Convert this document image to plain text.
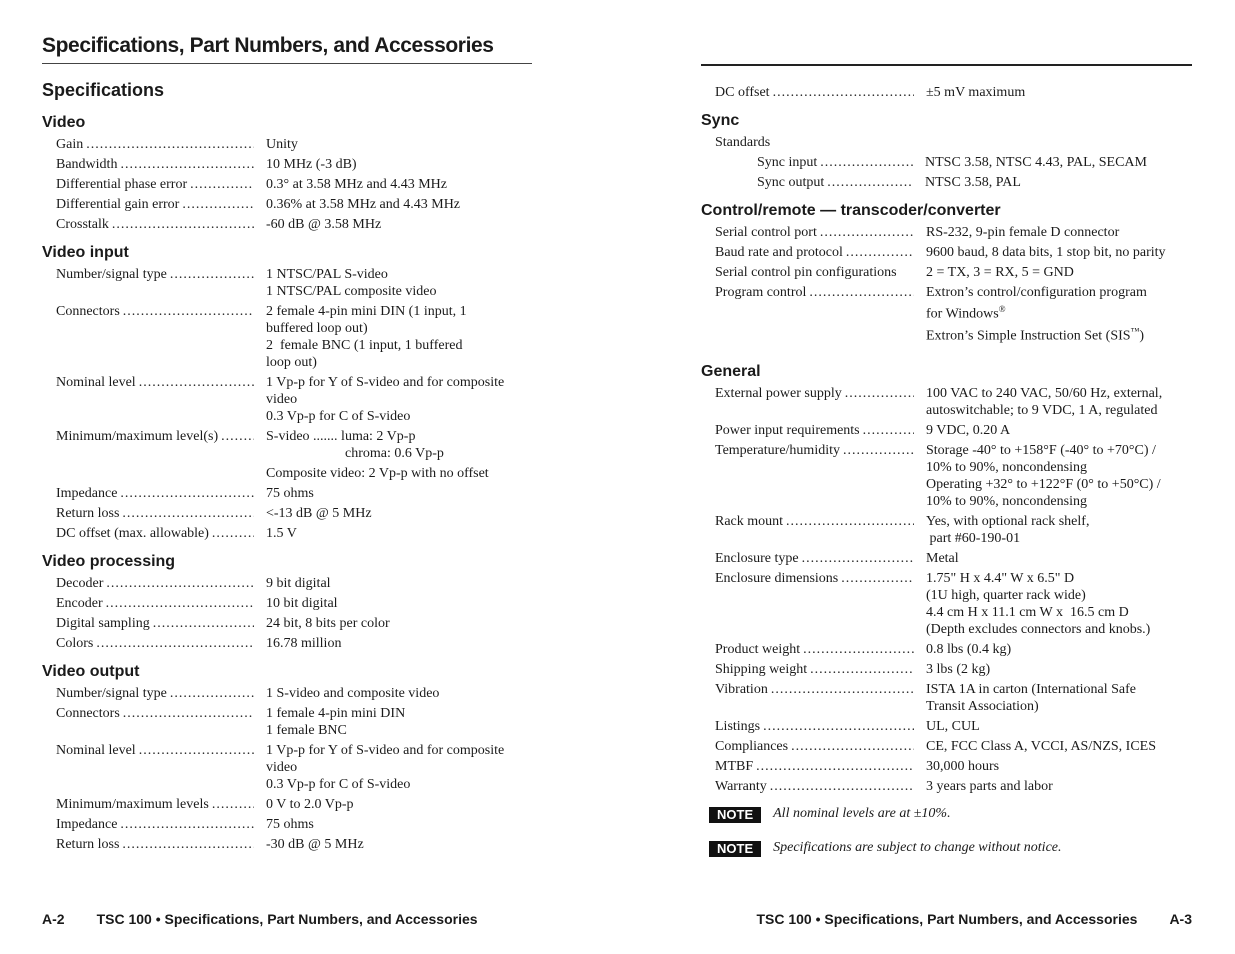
Specifications, Part Numbers, and Accessories
Specifications
Video
Gain .....	Unity
Bandwidth .....	10 MHz (-3 dB)
Differential phase error .....	0.3° at 3.58 MHz and 4.43 MHz
Differential gain error .....	0.36% at 3.58 MHz and 4.43 MHz
Crosstalk .....	-60 dB @ 3.58 MHz
Video input
Number/signal type .....	1 NTSC/PAL S-video
1 NTSC/PAL composite video
Connectors .....	2 female 4-pin mini DIN (1 input, 1
buffered loop out)
2  female BNC (1 input, 1 buffered
loop out)
Nominal level .....	1 Vp-p for Y of S-video and for composite
video
0.3 Vp-p for C of S-video
Minimum/maximum level(s) .....	S-video ....... luma: 2 Vp-p
chroma: 0.6 Vp-p
Composite video: 2 Vp-p with no offset
Impedance .....	75 ohms
Return loss .....	<-13 dB @ 5 MHz
DC offset (max. allowable) .....	1.5 V
Video processing
Decoder .....	9 bit digital
Encoder .....	10 bit digital
Digital sampling .....	24 bit, 8 bits per color
Colors .....	16.78 million
Video output
Number/signal type .....	1 S-video and composite video
Connectors .....	1 female 4-pin mini DIN
1 female BNC
Nominal level .....	1 Vp-p for Y of S-video and for composite
video
0.3 Vp-p for C of S-video
Minimum/maximum levels .....	0 V to 2.0 Vp-p
Impedance .....	75 ohms
Return loss .....	-30 dB @ 5 MHz
DC offset .....	±5 mV maximum
Sync
Standards
Sync input .....	NTSC 3.58, NTSC 4.43, PAL, SECAM
Sync output .....	NTSC 3.58, PAL
Control/remote — transcoder/converter
Serial control port .....	RS-232, 9-pin female D connector
Baud rate and protocol .....	9600 baud, 8 data bits, 1 stop bit, no parity
Serial control pin configurations 2 = TX, 3 = RX, 5 = GND
Program control .....	Extron’s control/configuration program
for Windows®
Extron’s Simple Instruction Set (SIS™)
General
External power supply .....	100 VAC to 240 VAC, 50/60 Hz, external,
autoswitchable; to 9 VDC, 1 A, regulated
Power input requirements .....	9 VDC, 0.20 A
Temperature/humidity .....	Storage -40° to +158°F (-40° to +70°C) /
10% to 90%, noncondensing
Operating +32° to +122°F (0° to +50°C) /
10% to 90%, noncondensing
Rack mount .....	Yes, with optional rack shelf,
part #60-190-01
Enclosure type .....	Metal
Enclosure dimensions .....	1.75" H x 4.4" W x 6.5" D
(1U high, quarter rack wide)
4.4 cm H x 11.1 cm W x  16.5 cm D
(Depth excludes connectors and knobs.)
Product weight .....	0.8 lbs (0.4 kg)
Shipping weight .....	3 lbs (2 kg)
Vibration .....	ISTA 1A in carton (International Safe
Transit Association)
Listings .....	UL, CUL
Compliances .....	CE, FCC Class A, VCCI, AS/NZS, ICES
MTBF .....	30,000 hours
Warranty .....	3 years parts and labor
NOTE	All nominal levels are at ±10%.
NOTE	Specifications are subject to change without notice.
A-2 TSC 100 • Specifications, Part Numbers, and Accessories	TSC 100 • Specifications, Part Numbers, and Accessories A-3
